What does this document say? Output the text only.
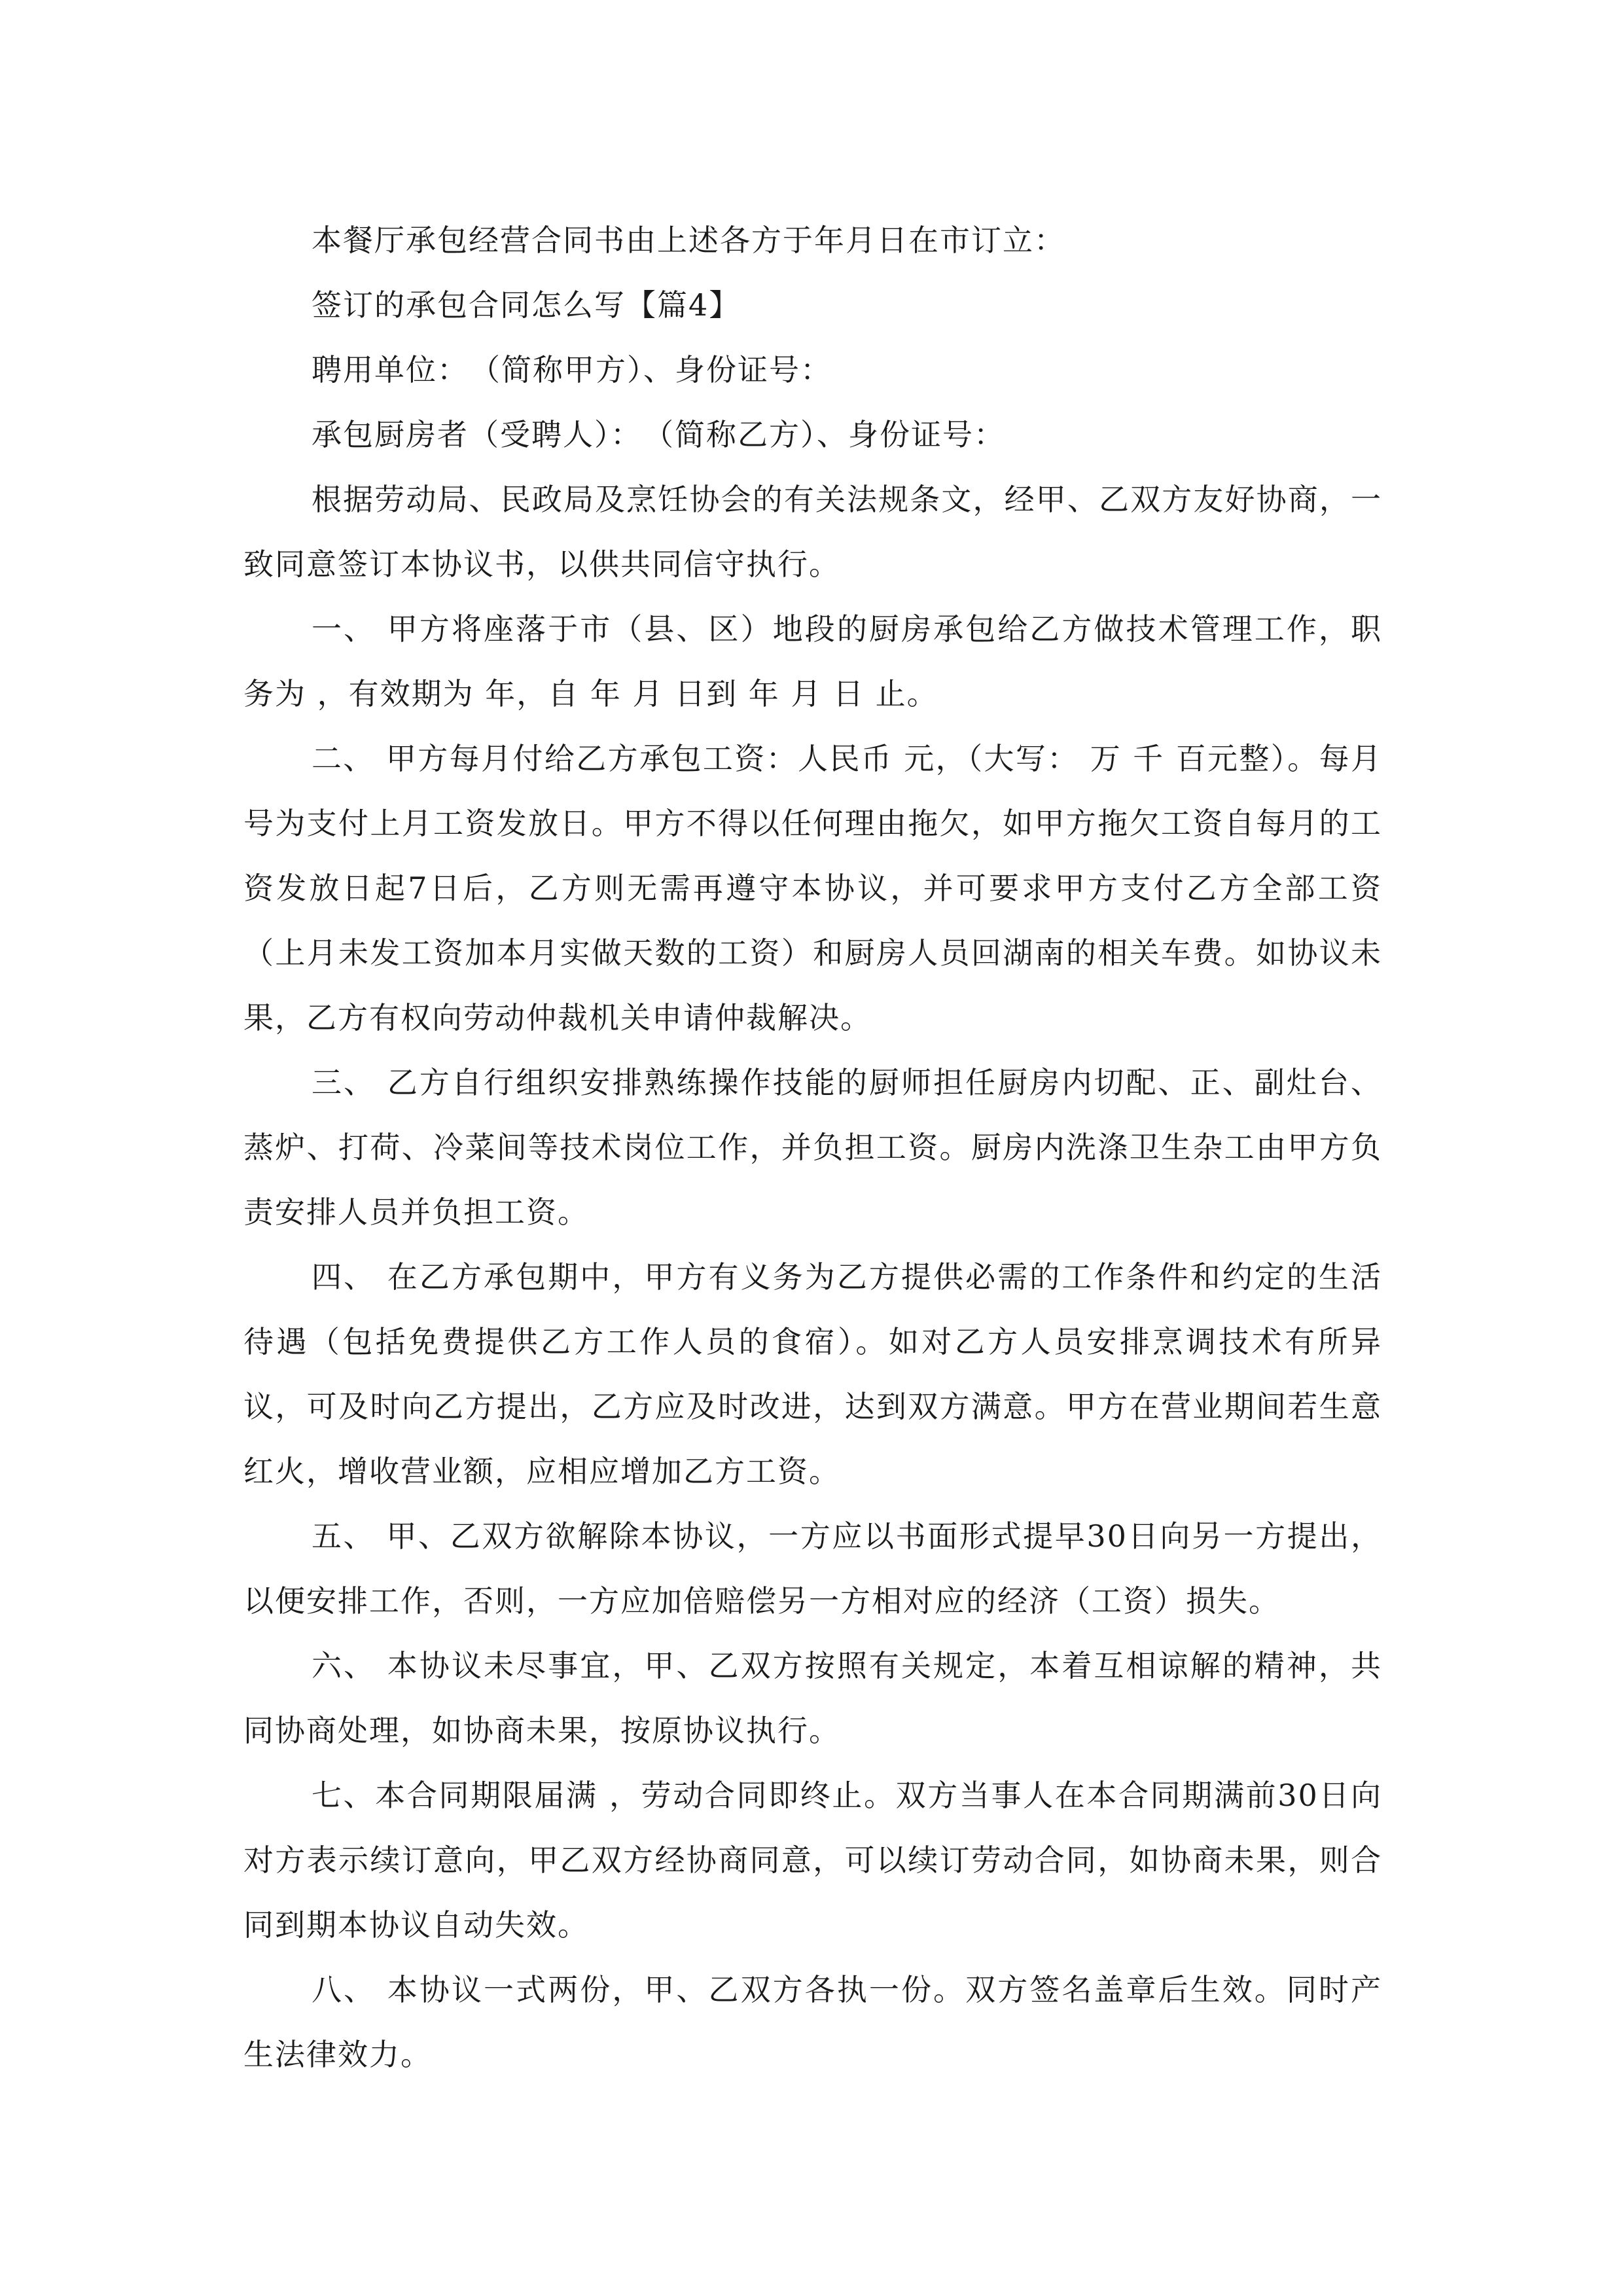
本餐厅承包经营合同书由上述各方于年月日在市订立：

签订的承包合同怎么写【篇4】

聘用单位：　（简称甲方）、身份证号：

承包厨房者（受聘人）：　（简称乙方）、身份证号：

根据劳动局、民政局及烹饪协会的有关法规条文，经甲、乙双方友好协商，一致同意签订本协议书，以供共同信守执行。

一、 甲方将座落于市（县、区）地段的厨房承包给乙方做技术管理工作，职务为 ，有效期为 年，自 年 月 日到 年 月 日 止。

二、 甲方每月付给乙方承包工资：人民币 元，（大写： 万 千 百元整）。每月 号为支付上月工资发放日。甲方不得以任何理由拖欠，如甲方拖欠工资自每月的工资发放日起7日后，乙方则无需再遵守本协议，并可要求甲方支付乙方全部工资（上月未发工资加本月实做天数的工资）和厨房人员回湖南的相关车费。如协议未果，乙方有权向劳动仲裁机关申请仲裁解决。

三、 乙方自行组织安排熟练操作技能的厨师担任厨房内切配、正、副灶台、蒸炉、打荷、冷菜间等技术岗位工作，并负担工资。厨房内洗涤卫生杂工由甲方负责安排人员并负担工资。

四、 在乙方承包期中，甲方有义务为乙方提供必需的工作条件和约定的生活待遇（包括免费提供乙方工作人员的食宿）。如对乙方人员安排烹调技术有所异议，可及时向乙方提出，乙方应及时改进，达到双方满意。甲方在营业期间若生意红火，增收营业额，应相应增加乙方工资。

五、 甲、乙双方欲解除本协议，一方应以书面形式提早30日向另一方提出，以便安排工作，否则，一方应加倍赔偿另一方相对应的经济（工资）损失。

六、 本协议未尽事宜，甲、乙双方按照有关规定，本着互相谅解的精神，共同协商处理，如协商未果，按原协议执行。

七、本合同期限届满 ，劳动合同即终止。双方当事人在本合同期满前30日向对方表示续订意向，甲乙双方经协商同意，可以续订劳动合同，如协商未果，则合同到期本协议自动失效。

八、 本协议一式两份，甲、乙双方各执一份。双方签名盖章后生效。同时产生法律效力。
